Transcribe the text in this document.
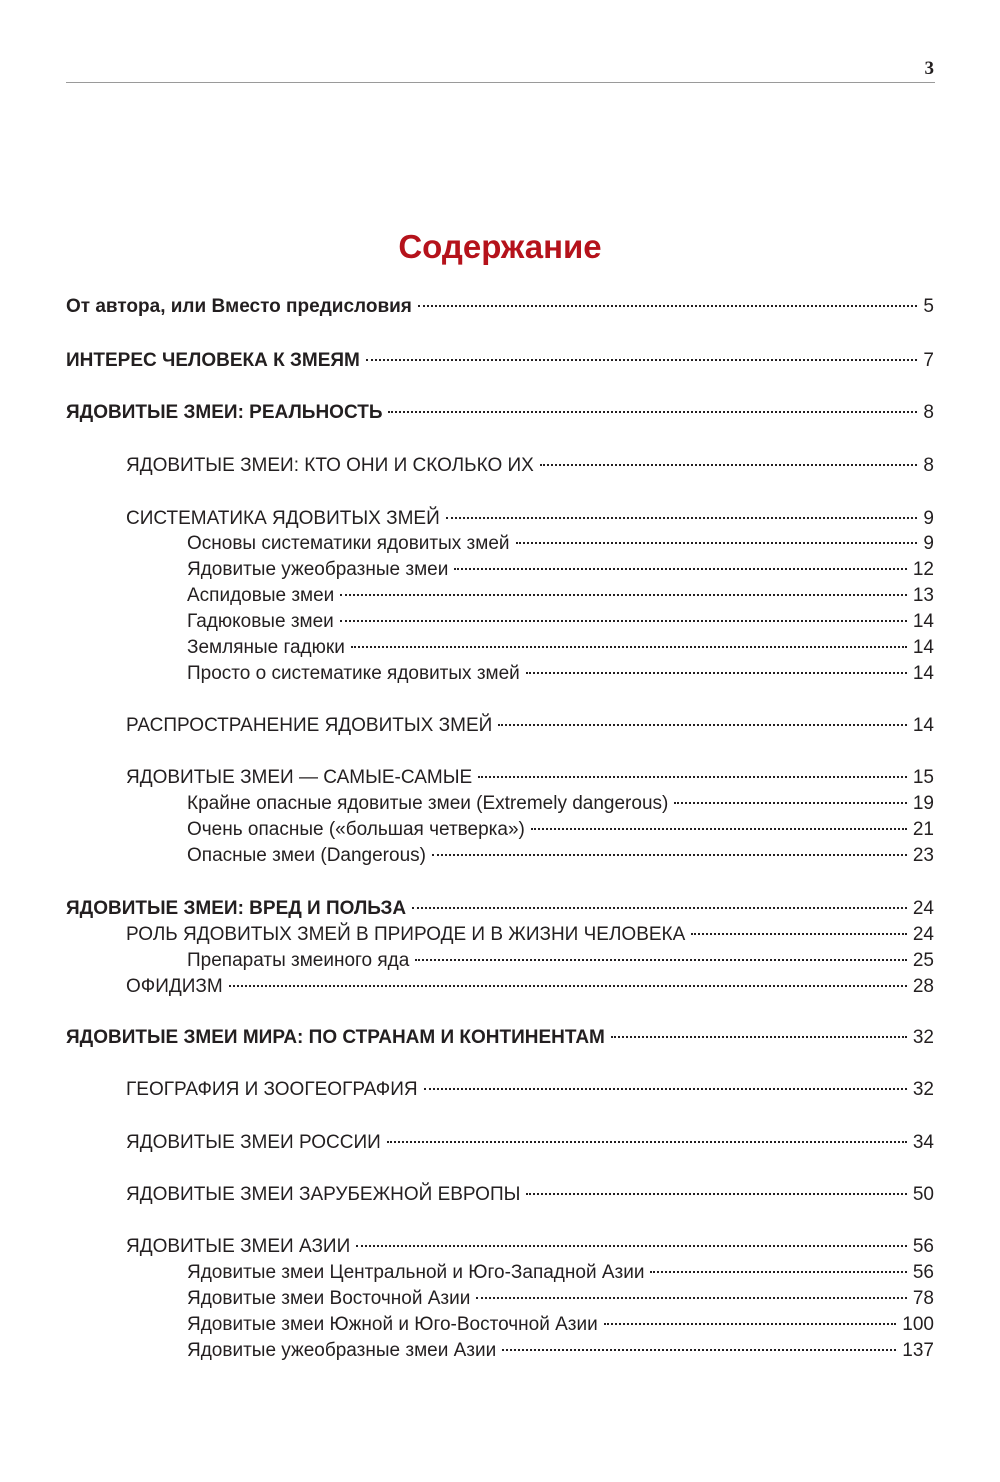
3
Содержание
От автора, или Вместо предисловия	5
ИНТЕРЕС ЧЕЛОВЕКА К ЗМЕЯМ	7
ЯДОВИТЫЕ ЗМЕИ: РЕАЛЬНОСТЬ	8
ЯДОВИТЫЕ ЗМЕИ: КТО ОНИ И СКОЛЬКО ИХ	8
СИСТЕМАТИКА ЯДОВИТЫХ ЗМЕЙ	9
Основы систематики ядовитых змей	9
Ядовитые ужеобразные змеи	12
Аспидовые змеи	13
Гадюковые змеи	14
Земляные гадюки	14
Просто о систематике ядовитых змей	14
РАСПРОСТРАНЕНИЕ ЯДОВИТЫХ ЗМЕЙ	14
ЯДОВИТЫЕ ЗМЕИ — САМЫЕ-САМЫЕ	15
Крайне опасные ядовитые змеи (Extremely dangerous)	19
Очень опасные («большая четверка»)	21
Опасные змеи (Dangerous)	23
ЯДОВИТЫЕ ЗМЕИ: ВРЕД И ПОЛЬЗА	24
РОЛЬ ЯДОВИТЫХ ЗМЕЙ В ПРИРОДЕ И В ЖИЗНИ ЧЕЛОВЕКА	24
Препараты змеиного яда	25
ОФИДИЗМ	28
ЯДОВИТЫЕ ЗМЕИ МИРА: ПО СТРАНАМ И КОНТИНЕНТАМ	32
ГЕОГРАФИЯ И ЗООГЕОГРАФИЯ	32
ЯДОВИТЫЕ ЗМЕИ РОССИИ	34
ЯДОВИТЫЕ ЗМЕИ ЗАРУБЕЖНОЙ ЕВРОПЫ	50
ЯДОВИТЫЕ ЗМЕИ АЗИИ	56
Ядовитые змеи Центральной и Юго-Западной Азии	56
Ядовитые змеи Восточной Азии	78
Ядовитые змеи Южной и Юго-Восточной Азии	100
Ядовитые ужеобразные змеи Азии	137
